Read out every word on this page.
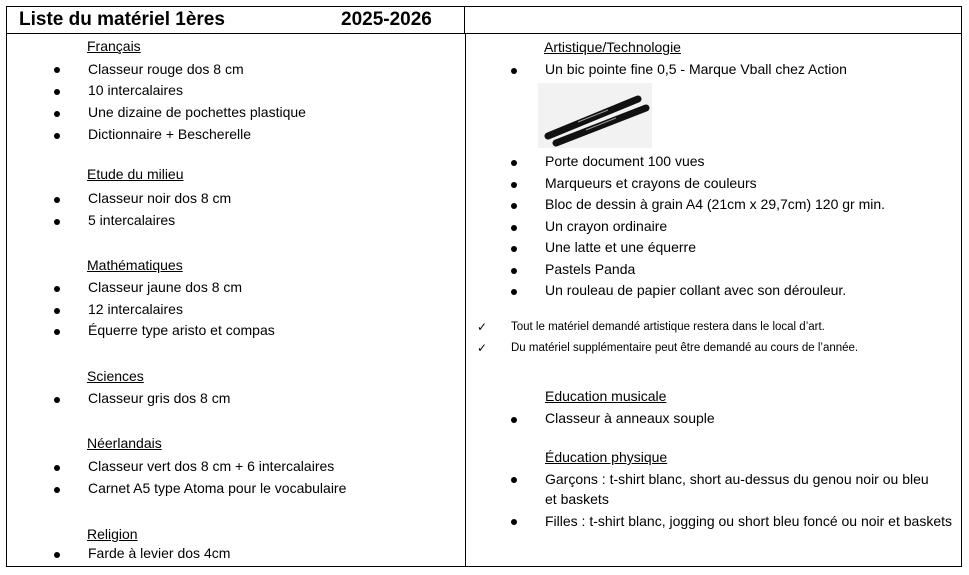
Liste du matériel 1ères	2025-2026
Français
Classeur rouge dos 8 cm
10 intercalaires
Une dizaine de pochettes plastique
Dictionnaire + Bescherelle
Etude du milieu
Classeur noir dos 8 cm
5 intercalaires
Mathématiques
Classeur jaune dos 8 cm
12 intercalaires
Équerre type aristo et compas
Sciences
Classeur gris dos 8 cm
Néerlandais
Classeur vert dos 8 cm + 6 intercalaires
Carnet A5 type Atoma pour le vocabulaire
Religion
Farde à levier dos 4cm
Artistique/Technologie
Un bic pointe fine 0,5 - Marque Vball chez Action
Porte document 100 vues
Marqueurs et crayons de couleurs
Bloc de dessin à grain A4 (21cm x 29,7cm) 120 gr min.
Un crayon ordinaire
Une latte et une équerre
Pastels Panda
Un rouleau de papier collant avec son dérouleur.
✓ Tout le matériel demandé artistique restera dans le local d’art.
✓ Du matériel supplémentaire peut être demandé au cours de l’année.
Education musicale
Classeur à anneaux souple
Éducation physique
Garçons : t-shirt blanc, short au-dessus du genou noir ou bleu et baskets
Filles : t-shirt blanc, jogging ou short bleu foncé ou noir et baskets
